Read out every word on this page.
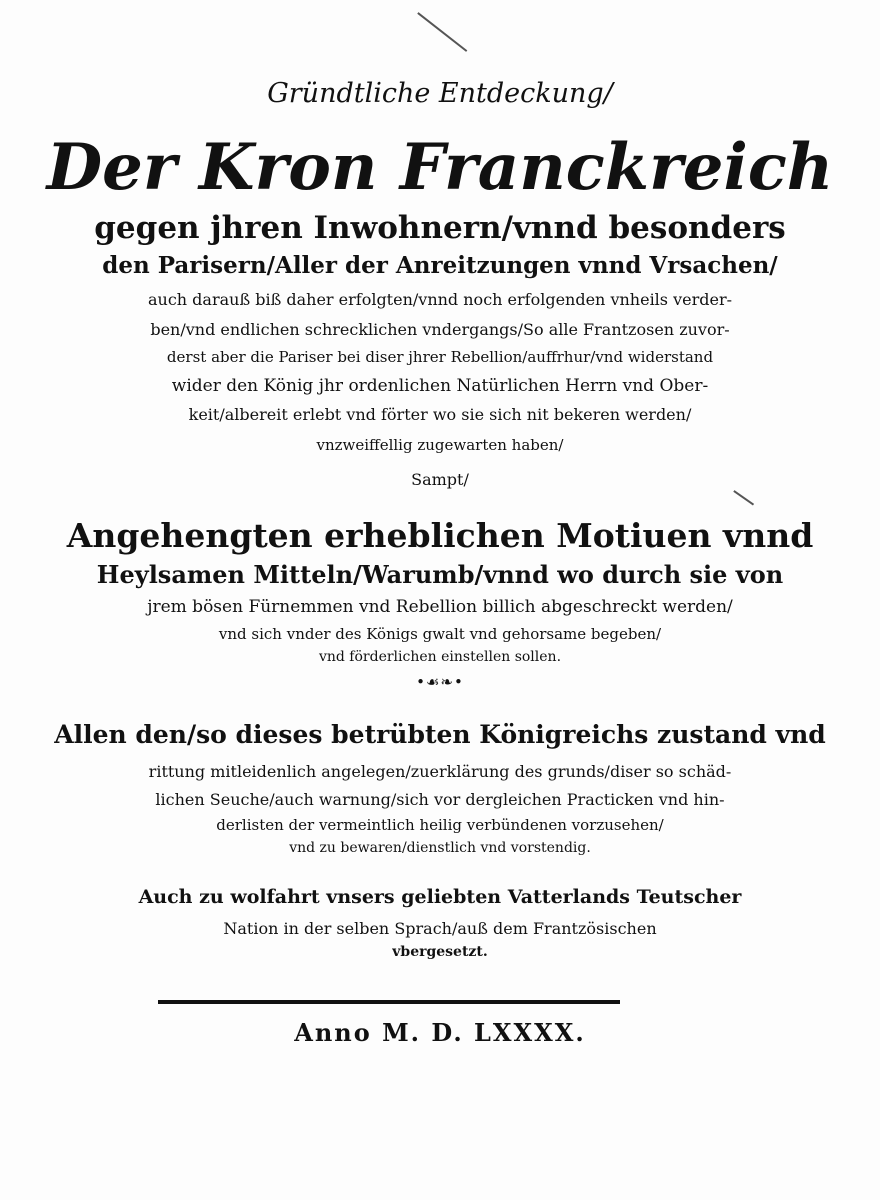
Gründtliche Entdeckung/
Der Kron Franckreich
gegen jhren Inwohnern/vnnd besonders
den Parisern/Aller der Anreitzungen vnnd Vrsachen/
auch darauß biß daher erfolgten/vnnd noch erfolgenden vnheils verder-
ben/vnd endlichen schrecklichen vndergangs/So alle Frantzosen zuvor-
derst aber die Pariser bei diser jhrer Rebellion/auffrhur/vnd widerstand
wider den König jhr ordenlichen Natürlichen Herrn vnd Ober-
keit/albereit erlebt vnd förter wo sie sich nit bekeren werden/
vnzweiffellig zugewarten haben/
Sampt/
Angehengten erheblichen Motiuen vnnd
Heylsamen Mitteln/Warumb/vnnd wo durch sie von
jrem bösen Fürnemmen vnd Rebellion billich abgeschreckt werden/
vnd sich vnder des Königs gwalt vnd gehorsame begeben/
vnd förderlichen einstellen sollen.
•☙❧•
Allen den/so dieses betrübten Königreichs zustand vnd
rittung mitleidenlich angelegen/zuerklärung des grunds/diser so schäd-
lichen Seuche/auch warnung/sich vor dergleichen Practicken vnd hin-
derlisten der vermeintlich heilig verbündenen vorzusehen/
vnd zu bewaren/dienstlich vnd vorstendig.
Auch zu wolfahrt vnsers geliebten Vatterlands Teutscher
Nation in der selben Sprach/auß dem Frantzösischen
vbergesetzt.
Anno M. D. LXXXX.
